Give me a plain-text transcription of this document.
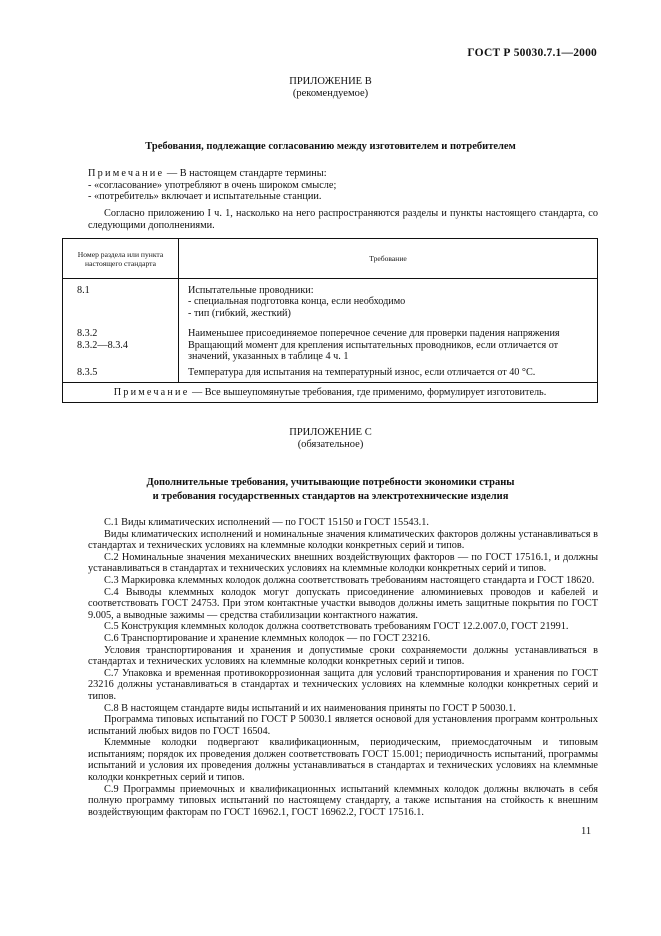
ГОСТ Р 50030.7.1—2000
ПРИЛОЖЕНИЕ В
(рекомендуемое)
Требования, подлежащие согласованию между изготовителем и потребителем
Примечание — В настоящем стандарте термины:
- «согласование» употребляют в очень широком смысле;
- «потребитель» включает и испытательные станции.
Согласно приложению I ч. 1, насколько на него распространяются разделы и пункты настоящего стандарта, со следующими дополнениями.
Номер раздела или пункта настоящего стандарта	Требование

8.1	Испытательные проводники:
- специальная подготовка конца, если необходимо
- тип (гибкий, жесткий)

8.3.2	Наименьшее присоединяемое поперечное сечение для проверки падения напряжения

8.3.2—8.3.4	Вращающий момент для крепления испытательных проводников, если отличается от значений, указанных в таблице 4 ч. 1

8.3.5	Температура для испытания на температурный износ, если отличается от 40 °С.

Примечание — Все вышеупомянутые требования, где применимо, формулирует изготовитель.	
ПРИЛОЖЕНИЕ С
(обязательное)
Дополнительные требования, учитывающие потребности экономики страны
и требования государственных стандартов на электротехнические изделия
С.1 Виды климатических исполнений — по ГОСТ 15150 и ГОСТ 15543.1.
Виды климатических исполнений и номинальные значения климатических факторов должны устанавливаться в стандартах и технических условиях на клеммные колодки конкретных серий и типов.
С.2 Номинальные значения механических внешних воздействующих факторов — по ГОСТ 17516.1, и должны устанавливаться в стандартах и технических условиях на клеммные колодки конкретных серий и типов.
С.3 Маркировка клеммных колодок должна соответствовать требованиям настоящего стандарта и ГОСТ 18620.
С.4 Выводы клеммных колодок могут допускать присоединение алюминиевых проводов и кабелей и соответствовать ГОСТ 24753. При этом контактные участки выводов должны иметь защитные покрытия по ГОСТ 9.005, а выводные зажимы — средства стабилизации контактного нажатия.
С.5 Конструкция клеммных колодок должна соответствовать требованиям ГОСТ 12.2.007.0, ГОСТ 21991.
С.6 Транспортирование и хранение клеммных колодок — по ГОСТ 23216.
Условия транспортирования и хранения и допустимые сроки сохраняемости должны устанавливаться в стандартах и технических условиях на клеммные колодки конкретных серий и типов.
С.7 Упаковка и временная противокоррозионная защита для условий транспортирования и хранения по ГОСТ 23216 должны устанавливаться в стандартах и технических условиях на клеммные колодки конкретных серий и типов.
С.8 В настоящем стандарте виды испытаний и их наименования приняты по ГОСТ Р 50030.1.
Программа типовых испытаний по ГОСТ Р 50030.1 является основой для установления программ контрольных испытаний любых видов по ГОСТ 16504.
Клеммные колодки подвергают квалификационным, периодическим, приемосдаточным и типовым испытаниям; порядок их проведения должен соответствовать ГОСТ 15.001; периодичность испытаний, программы испытаний и условия их проведения должны устанавливаться в стандартах и технических условиях на клеммные колодки конкретных серий и типов.
С.9 Программы приемочных и квалификационных испытаний клеммных колодок должны включать в себя полную программу типовых испытаний по настоящему стандарту, а также испытания на стойкость к внешним воздействующим факторам по ГОСТ 16962.1, ГОСТ 16962.2, ГОСТ 17516.1.
11
